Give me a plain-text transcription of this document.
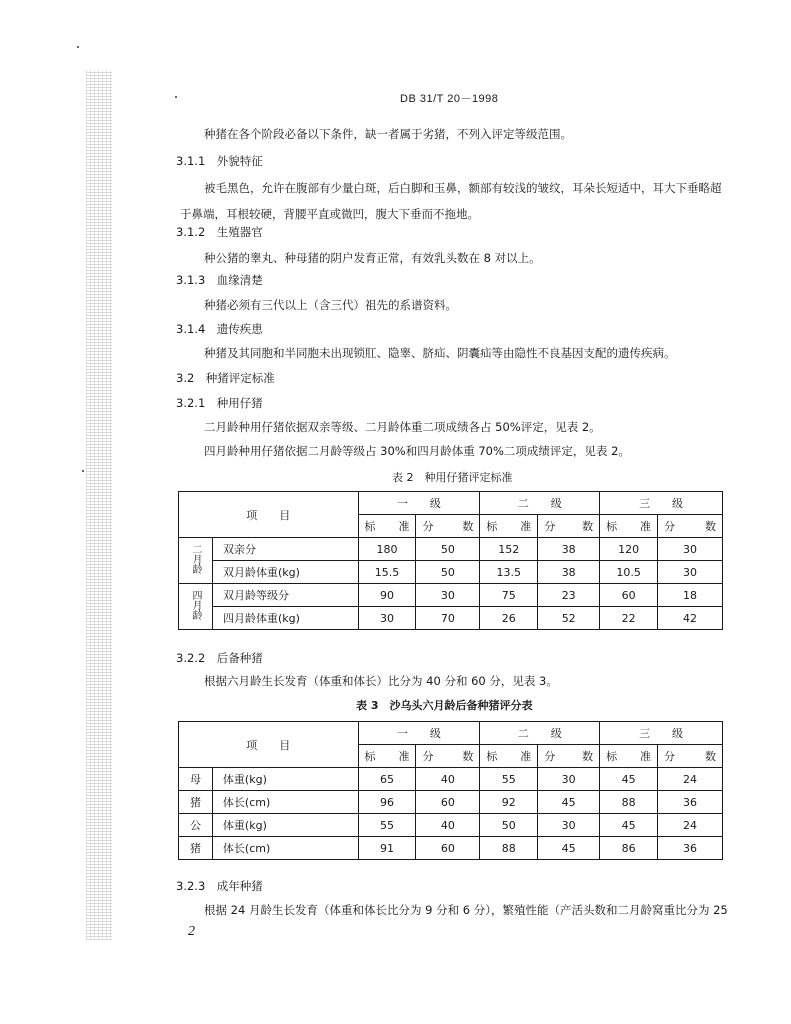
DB 31/T 20－1998
种猪在各个阶段必备以下条件，缺一者属于劣猪，不列入评定等级范围。
3.1.1　外貌特征
被毛黑色，允许在腹部有少量白斑，后白脚和玉鼻，额部有较浅的皱纹，耳朵长短适中，耳大下垂略超
于鼻端，耳根较硬，背腰平直或微凹，腹大下垂而不拖地。
3.1.2　生殖器官
种公猪的睾丸、种母猪的阴户发育正常，有效乳头数在 8 对以上。
3.1.3　血缘清楚
种猪必须有三代以上（含三代）祖先的系谱资料。
3.1.4　遗传疾患
种猪及其同胞和半同胞未出现锁肛、隐睾、脐疝、阴囊疝等由隐性不良基因支配的遗传疾病。
3.2　种猪评定标准
3.2.1　种用仔猪
二月龄种用仔猪依据双亲等级、二月龄体重二项成绩各占 50%评定，见表 2。
四月龄种用仔猪依据二月龄等级占 30%和四月龄体重 70%二项成绩评定，见表 2。
表 2　种用仔猪评定标准
项　　目		一　　级		二　　级		三　　级	

		标 准	分 数	标 准	分 数	标 准	分 数

二月龄	双亲分	180	50	152	38	120	30
	双月龄体重(kg)	15.5	50	13.5	38	10.5	30
四月龄	双月龄等级分	90	30	75	23	60	18
	四月龄体重(kg)	30	70	26	52	22	42
3.2.2　后备种猪
根据六月龄生长发育（体重和体长）比分为 40 分和 60 分，见表 3。
表 3　沙乌头六月龄后备种猪评分表
项　　目		一　　级		二　　级		三　　级	

		标 准	分 数	标 准	分 数	标 准	分 数

母	体重(kg)	65	40	55	30	45	24
猪	体长(cm)	96	60	92	45	88	36
公	体重(kg)	55	40	50	30	45	24
猪	体长(cm)	91	60	88	45	86	36
3.2.3　成年种猪
根据 24 月龄生长发育（体重和体长比分为 9 分和 6 分），繁殖性能（产活头数和二月龄窝重比分为 25
2
